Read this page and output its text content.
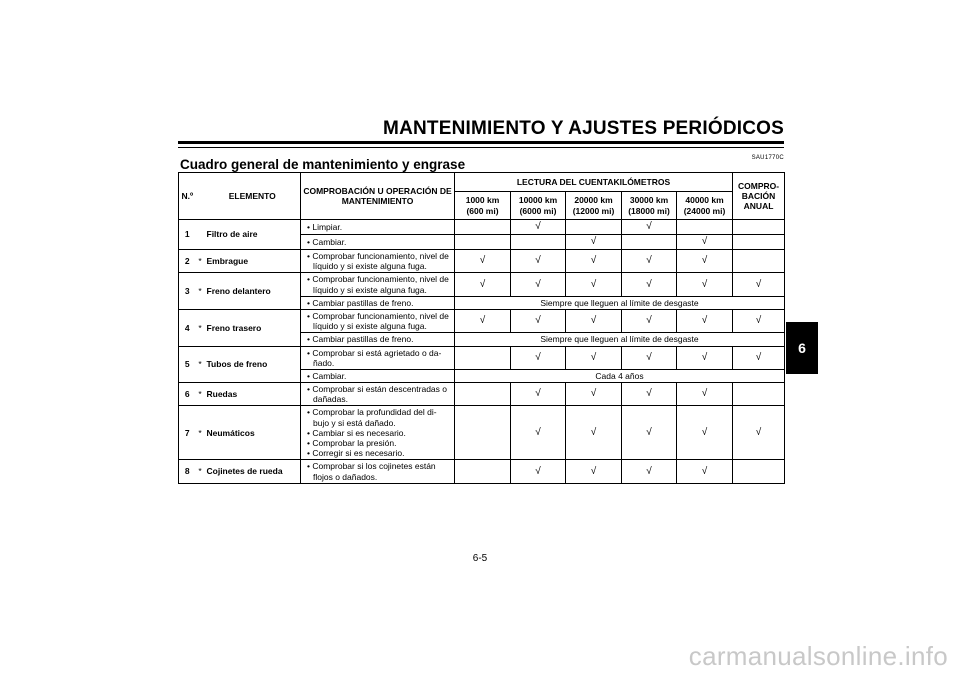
MANTENIMIENTO Y AJUSTES PERIÓDICOS
SAU1770C
Cuadro general de mantenimiento y engrase
N.º		ELEMENTO	COMPROBACIÓN U OPERACIÓN DE MANTENIMIENTO	LECTURA DEL CUENTAKILÓMETROS					COMPRO- BACIÓN ANUAL
				1000 km (600 mi)	10000 km (6000 mi)	20000 km (12000 mi)	30000 km (18000 mi)	40000 km (24000 mi)	
1		Filtro de aire	• Limpiar.		√		√		

			• Cambiar.			√		√	
2	*	Embrague	• Comprobar funcionamiento, nivel de líquido y si existe alguna fuga.	√	√	√	√	√	
3	*	Freno delantero	• Comprobar funcionamiento, nivel de líquido y si existe alguna fuga.	√	√	√	√	√	√

			• Cambiar pastillas de freno.	Siempre que lleguen al límite de desgaste					
4	*	Freno trasero	• Comprobar funcionamiento, nivel de líquido y si existe alguna fuga.	√	√	√	√	√	√

			• Cambiar pastillas de freno.	Siempre que lleguen al límite de desgaste					
5	*	Tubos de freno	• Comprobar si está agrietado o da- ñado.		√	√	√	√	√

			• Cambiar.	Cada 4 años					
6	*	Ruedas	• Comprobar si están descentradas o dañadas.		√	√	√	√	
7	*	Neumáticos	• Comprobar la profundidad del di- bujo y si está dañado.
• Cambiar si es necesario.
• Comprobar la presión.
• Corregir si es necesario.		√	√	√	√	√
8	*	Cojinetes de rueda	• Comprobar si los cojinetes están flojos o dañados.		√	√	√	√	
6
6-5
carmanualsonline.info
